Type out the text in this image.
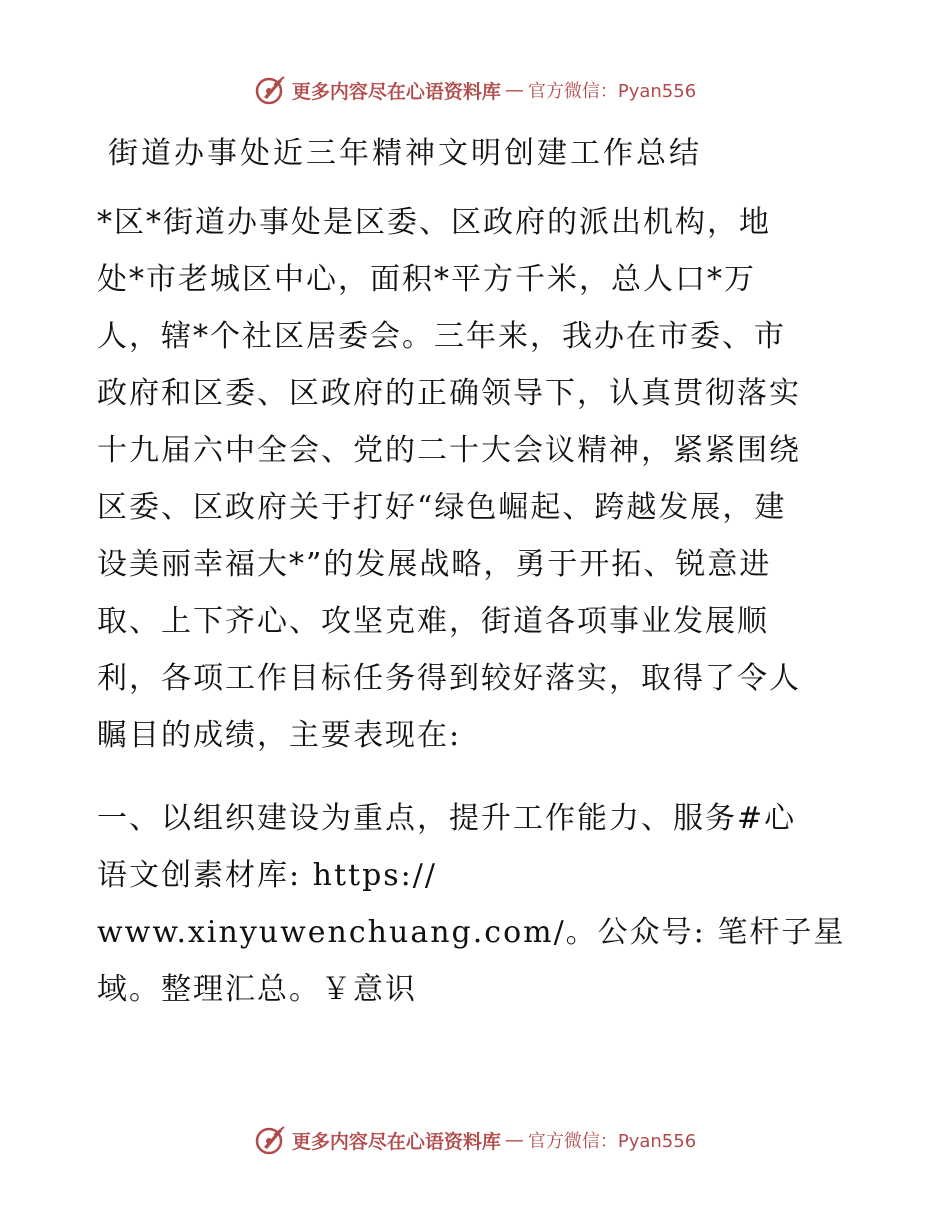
更多内容尽在心语资料库 — 官方微信：Pyan556
街道办事处近三年精神文明创建工作总结
*区*街道办事处是区委、区政府的派出机构，地
处*市老城区中心，面积*平方千米，总人口*万
人，辖*个社区居委会。三年来，我办在市委、市
政府和区委、区政府的正确领导下，认真贯彻落实
十九届六中全会、党的二十大会议精神，紧紧围绕
区委、区政府关于打好“绿色崛起、跨越发展，建
设美丽幸福大*”的发展战略，勇于开拓、锐意进
取、上下齐心、攻坚克难，街道各项事业发展顺
利，各项工作目标任务得到较好落实，取得了令人
瞩目的成绩，主要表现在:
一、以组织建设为重点，提升工作能力、服务#心
语文创素材库: https://
www.xinyuwenchuang.com/。公众号: 笔杆子星
域。整理汇总。￥意识
更多内容尽在心语资料库 — 官方微信：Pyan556
